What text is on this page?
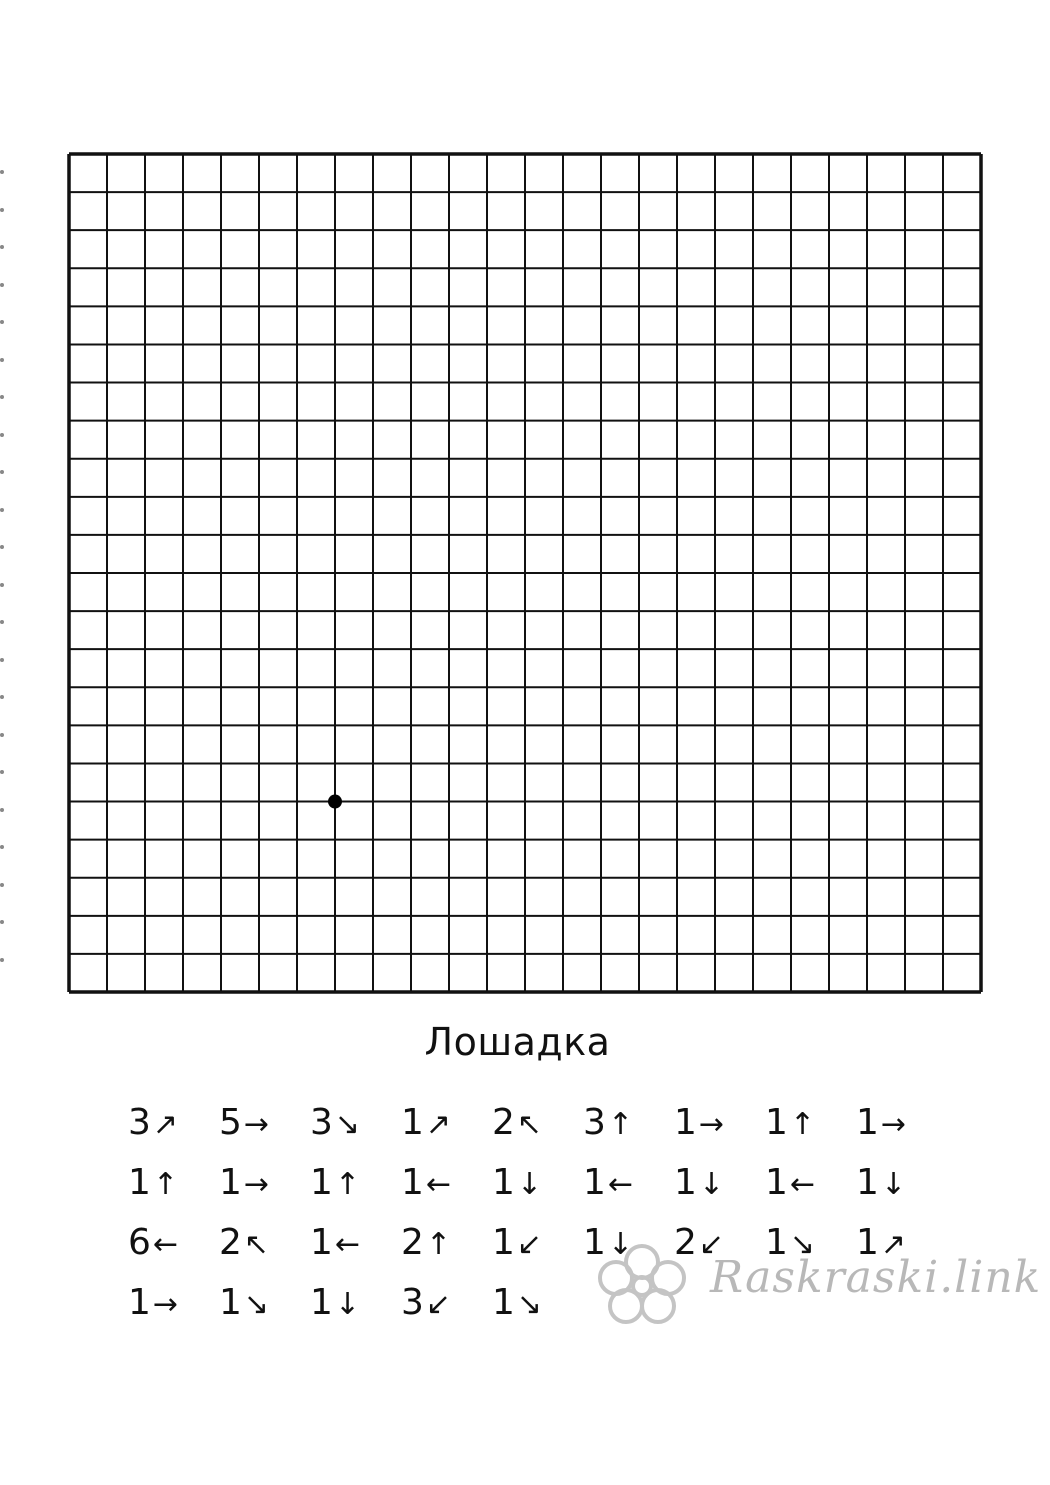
Лошадка
3 ↗ 5 → 3 ↘ 1 ↗ 2 ↖ 3 ↑ 1 → 1 ↑ 1 →
1 ↑ 1 → 1 ↑ 1 ← 1 ↓ 1 ← 1 ↓ 1 ← 1 ↓
6 ← 2 ↖ 1 ← 2 ↑ 1 ↙ 1 ↓ 2 ↙ 1 ↘ 1 ↗
1 → 1 ↘ 1 ↓ 3 ↙ 1 ↘
Raskraski.link
